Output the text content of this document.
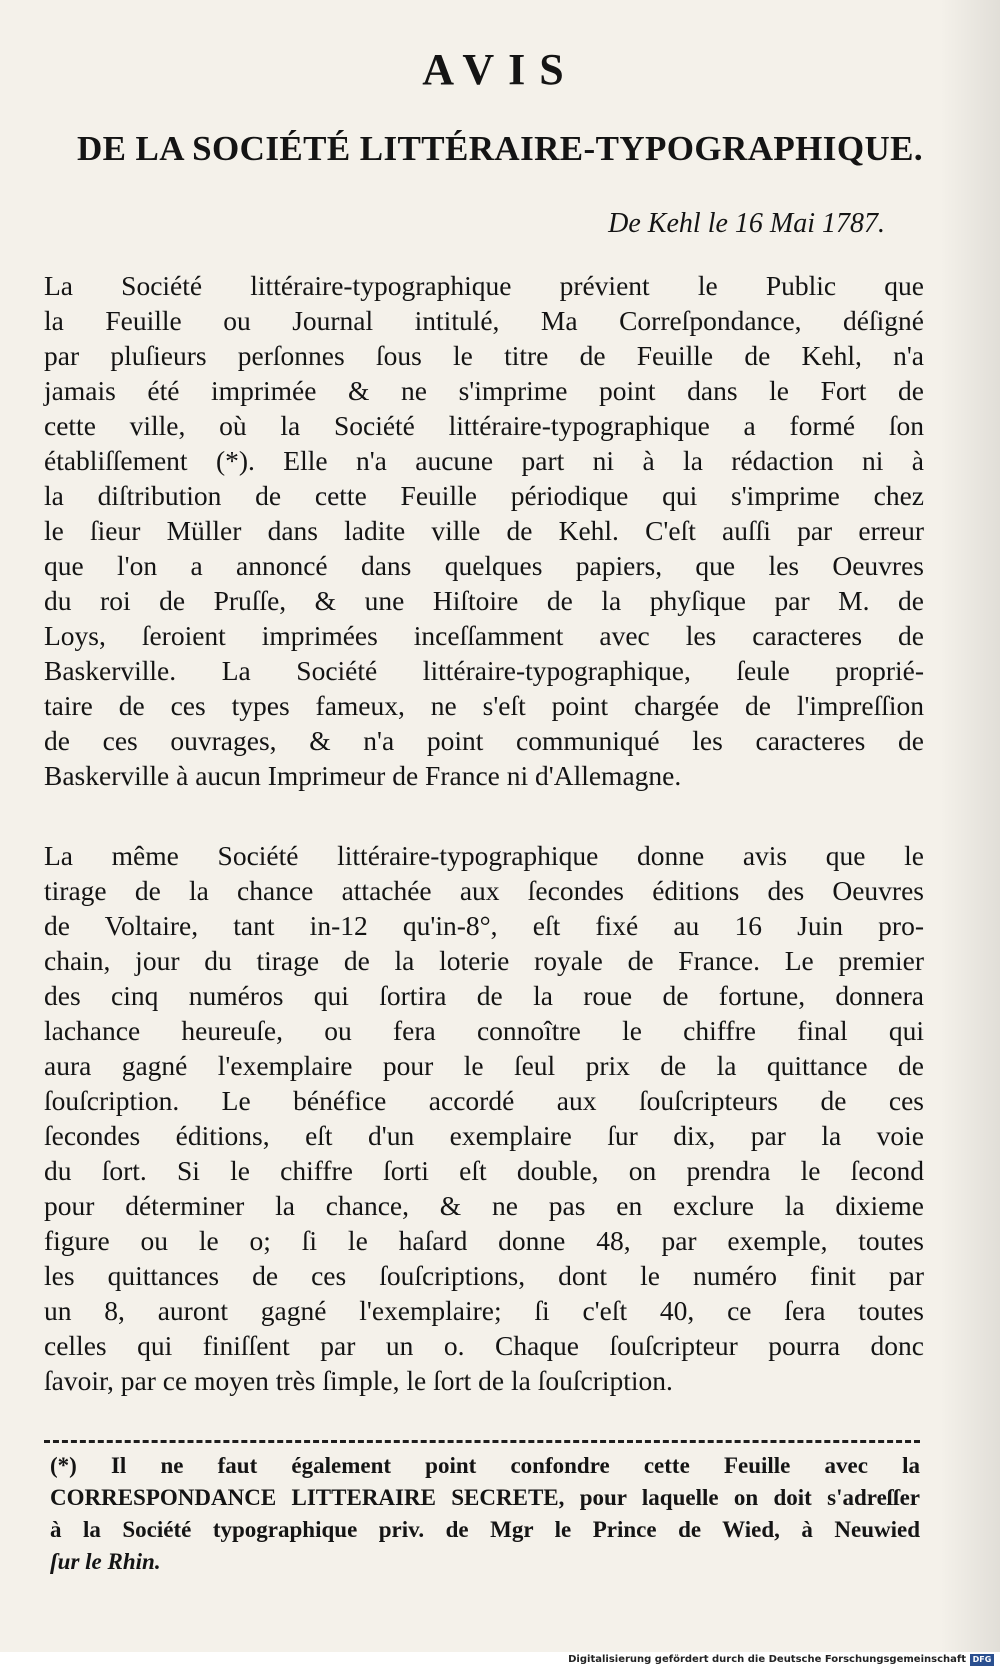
AVIS
DE LA SOCIÉTÉ LITTÉRAIRE-TYPOGRAPHIQUE.
De Kehl le 16 Mai 1787.
La Société littéraire-typographique prévient le Public que
la Feuille ou Journal intitulé, Ma Correſpondance, déſigné
par pluſieurs perſonnes ſous le titre de Feuille de Kehl, n'a
jamais été imprimée & ne s'imprime point dans le Fort de
cette ville, où la Société littéraire-typographique a formé ſon
établiſſement (*). Elle n'a aucune part ni à la rédaction ni à
la diſtribution de cette Feuille périodique qui s'imprime chez
le ſieur Müller dans ladite ville de Kehl. C'eſt auſſi par erreur
que l'on a annoncé dans quelques papiers, que les Oeuvres
du roi de Pruſſe, & une Hiſtoire de la phyſique par M. de
Loys, ſeroient imprimées inceſſamment avec les caracteres de
Baskerville. La Société littéraire-typographique, ſeule proprié-
taire de ces types fameux, ne s'eſt point chargée de l'impreſſion
de ces ouvrages, & n'a point communiqué les caracteres de
Baskerville à aucun Imprimeur de France ni d'Allemagne.
La même Société littéraire-typographique donne avis que le
tirage de la chance attachée aux ſecondes éditions des Oeuvres
de Voltaire, tant in-12 qu'in-8°, eſt fixé au 16 Juin pro-
chain, jour du tirage de la loterie royale de France. Le premier
des cinq numéros qui ſortira de la roue de fortune, donnera
lachance heureuſe, ou fera connoître le chiffre final qui
aura gagné l'exemplaire pour le ſeul prix de la quittance de
ſouſcription. Le bénéfice accordé aux ſouſcripteurs de ces
ſecondes éditions, eſt d'un exemplaire ſur dix, par la voie
du ſort. Si le chiffre ſorti eſt double, on prendra le ſecond
pour déterminer la chance, & ne pas en exclure la dixieme
figure ou le o; ſi le haſard donne 48, par exemple, toutes
les quittances de ces ſouſcriptions, dont le numéro finit par
un 8, auront gagné l'exemplaire; ſi c'eſt 40, ce ſera toutes
celles qui finiſſent par un o. Chaque ſouſcripteur pourra donc
ſavoir, par ce moyen très ſimple, le ſort de la ſouſcription.
(*) Il ne faut également point confondre cette Feuille avec la
CORRESPONDANCE LITTERAIRE SECRETE, pour laquelle on doit s'adreſſer
à la Société typographique priv. de Mgr le Prince de Wied, à Neuwied
ſur le Rhin.
Digitalisierung gefördert durch die Deutsche Forschungsgemeinschaft DFG
